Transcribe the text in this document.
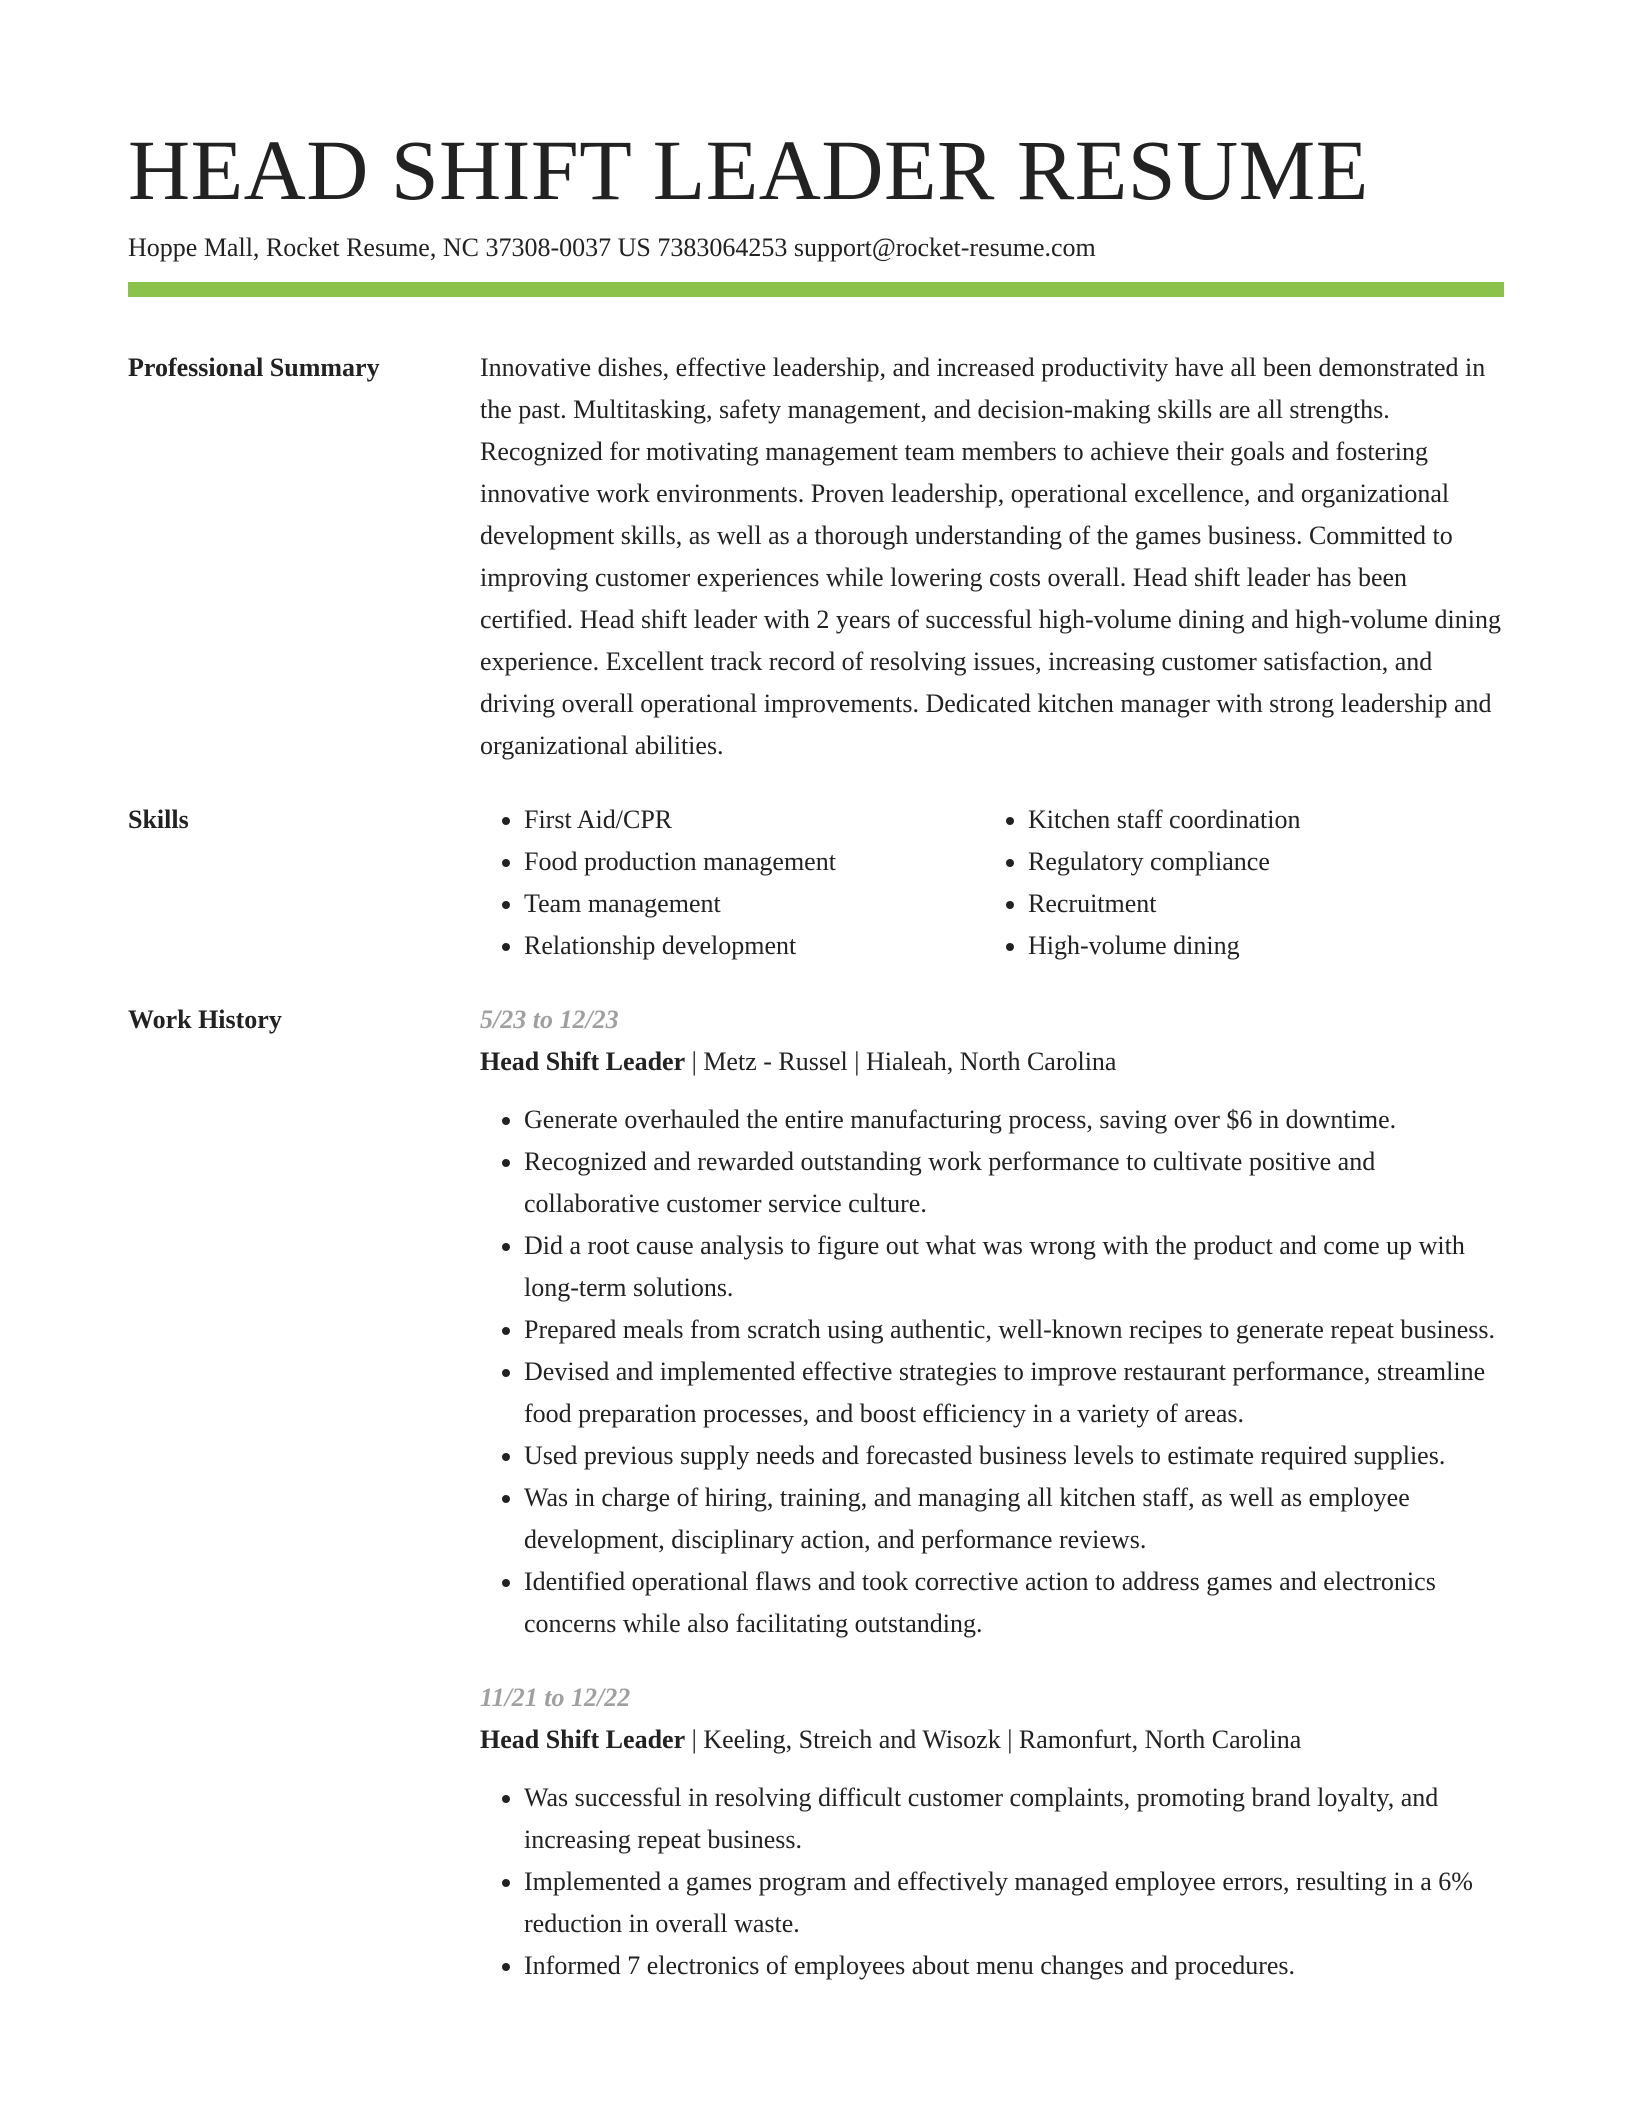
HEAD SHIFT LEADER RESUME
Hoppe Mall, Rocket Resume, NC 37308-0037 US 7383064253 support@rocket-resume.com
Professional Summary	Innovative dishes, effective leadership, and increased productivity have all been demonstrated in the past. Multitasking, safety management, and decision-making skills are all strengths. Recognized for motivating management team members to achieve their goals and fostering innovative work environments. Proven leadership, operational excellence, and organizational development skills, as well as a thorough understanding of the games business. Committed to improving customer experiences while lowering costs overall. Head shift leader has been certified. Head shift leader with 2 years of successful high-volume dining and high-volume dining experience. Excellent track record of resolving issues, increasing customer satisfaction, and driving overall operational improvements. Dedicated kitchen manager with strong leadership and organizational abilities.

Skills
•	First Aid/CPR
• Food production management
• Team management
• Relationship development
• Kitchen staff coordination
• Regulatory compliance
• Recruitment
• High-volume dining
Work History	5/23 to 12/23
Head Shift Leader | Metz - Russel | Hialeah, North Carolina
• Generate overhauled the entire manufacturing process, saving over $6 in downtime.
• Recognized and rewarded outstanding work performance to cultivate positive and collaborative customer service culture.
• Did a root cause analysis to figure out what was wrong with the product and come up with long-term solutions.
• Prepared meals from scratch using authentic, well-known recipes to generate repeat business.
• Devised and implemented effective strategies to improve restaurant performance, streamline food preparation processes, and boost efficiency in a variety of areas.
• Used previous supply needs and forecasted business levels to estimate required supplies.
• Was in charge of hiring, training, and managing all kitchen staff, as well as employee development, disciplinary action, and performance reviews.
• Identified operational flaws and took corrective action to address games and electronics concerns while also facilitating outstanding.
11/21 to 12/22
Head Shift Leader | Keeling, Streich and Wisozk | Ramonfurt, North Carolina
• Was successful in resolving difficult customer complaints, promoting brand loyalty, and increasing repeat business.
• Implemented a games program and effectively managed employee errors, resulting in a 6% reduction in overall waste.
• Informed 7 electronics of employees about menu changes and procedures.
